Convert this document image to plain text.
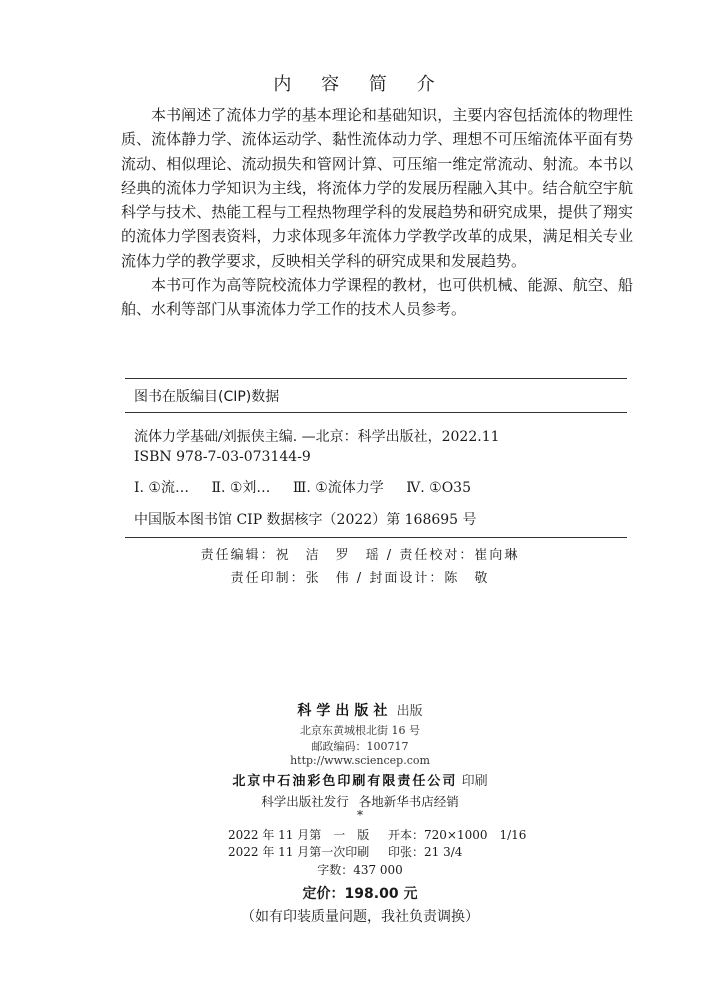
内 容 简 介

本书阐述了流体力学的基本理论和基础知识，主要内容包括流体的物理性质、流体静力学、流体运动学、黏性流体动力学、理想不可压缩流体平面有势流动、相似理论、流动损失和管网计算、可压缩一维定常流动、射流。本书以经典的流体力学知识为主线，将流体力学的发展历程融入其中。结合航空宇航科学与技术、热能工程与工程热物理学科的发展趋势和研究成果，提供了翔实的流体力学图表资料，力求体现多年流体力学教学改革的成果，满足相关专业流体力学的教学要求，反映相关学科的研究成果和发展趋势。

本书可作为高等院校流体力学课程的教材，也可供机械、能源、航空、船舶、水利等部门从事流体力学工作的技术人员参考。

图书在版编目(CIP)数据
流体力学基础/刘振侠主编. —北京：科学出版社，2022.11
ISBN 978-7-03-073144-9
Ⅰ. ①流… Ⅱ. ①刘… Ⅲ. ①流体力学 Ⅳ. ①O35
中国版本图书馆 CIP 数据核字（2022）第 168695 号
责任编辑：祝　洁　罗　瑶 / 责任校对：崔向琳
责任印制：张　伟 / 封面设计：陈　敬
科学出版社 出版
北京东黄城根北街 16 号
邮政编码：100717
http://www.sciencep.com
北京中石油彩色印刷有限责任公司 印刷
科学出版社发行 各地新华书店经销
*
2022 年 11 月第　一　版 开本：720×1000　1/16
2022 年 11 月第一次印刷 印张：21 3/4
字数：437 000
定价：198.00 元
（如有印装质量问题，我社负责调换）
